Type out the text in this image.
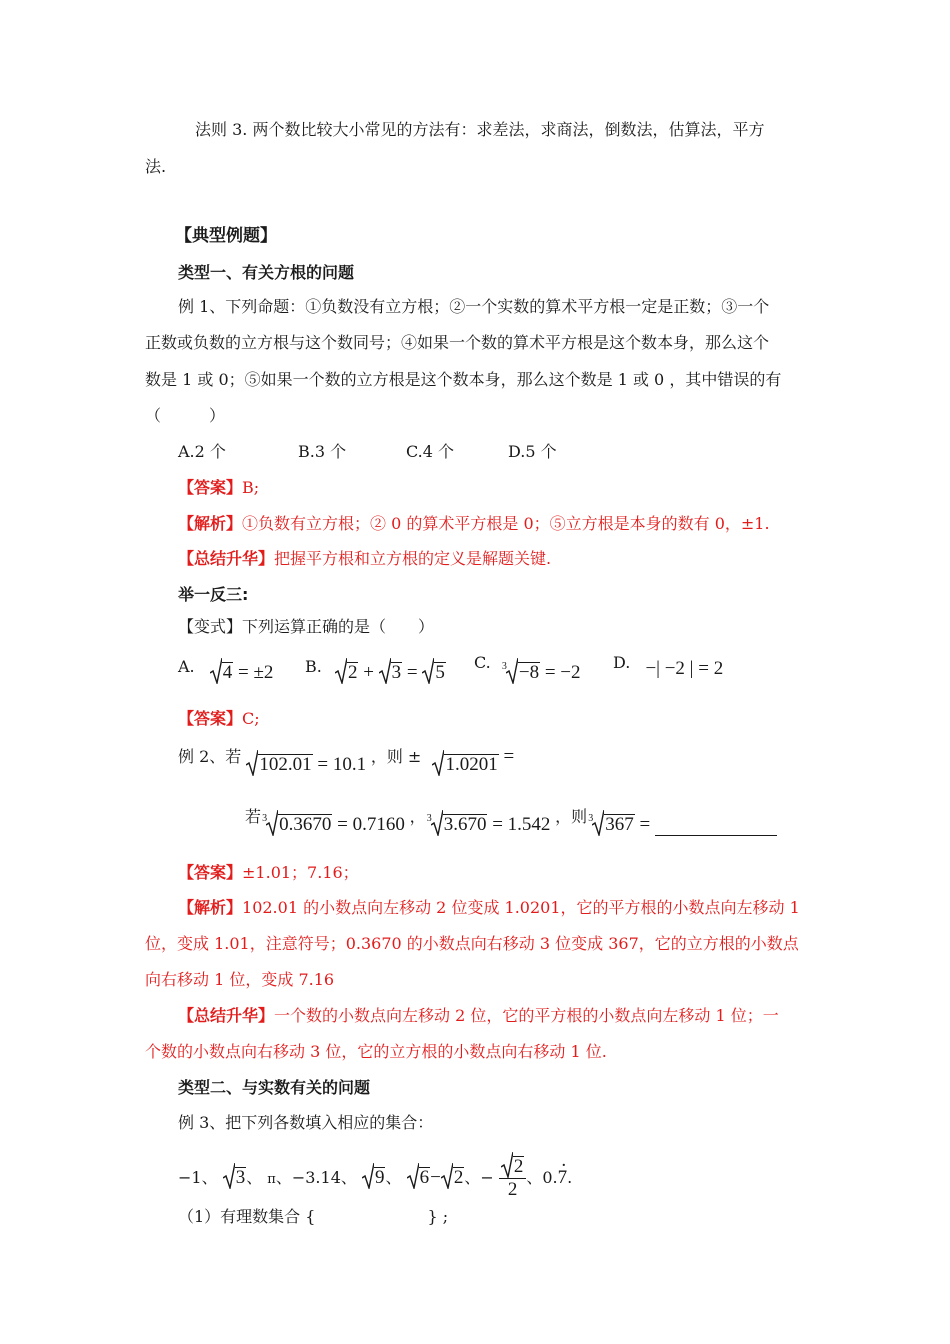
法则 3. 两个数比较大小常见的方法有：求差法，求商法，倒数法，估算法，平方
法.
【典型例题】
类型一、有关方根的问题
例 1、下列命题：①负数没有立方根；②一个实数的算术平方根一定是正数；③一个
正数或负数的立方根与这个数同号；④如果一个数的算术平方根是这个数本身，那么这个
数是 1 或 0；⑤如果一个数的立方根是这个数本身，那么这个数是 1 或 0 ，其中错误的有
（　　　）
A.2 个	B.3 个	C.4 个	D.5 个
【答案】B;
【解析】①负数有立方根；② 0 的算术平方根是 0；⑤立方根是本身的数有 0，±1.
【总结升华】把握平方根和立方根的定义是解题关键.
举一反三:
【变式】下列运算正确的是（　　）
A. 4 = ±2 B. 2 + 3 = 5 C. 3 −8 = −2 D. −| −2 | = 2
【答案】C;
例 2、若 102.01 = 10.1 ，则 ± 1.0201 =
若 3 0.3670 = 0.7160 ， 3 3.670 = 1.542 ，则 3 367 =
【答案】±1.01；7.16；
【解析】102.01 的小数点向左移动 2 位变成 1.0201，它的平方根的小数点向左移动 1
位，变成 1.01，注意符号；0.3670 的小数点向右移动 3 位变成 367，它的立方根的小数点
向右移动 1 位，变成 7.16
【总结升华】一个数的小数点向左移动 2 位，它的平方根的小数点向左移动 1 位；一
个数的小数点向右移动 3 位，它的立方根的小数点向右移动 1 位.
类型二、与实数有关的问题
例 3、把下列各数填入相应的集合：
−1、 3、 π、−3.14、 9、 6− 2、− $\frac{2}{2}$ 、0.· 7.
（1）有理数集合 {　　　　　　　} ;
